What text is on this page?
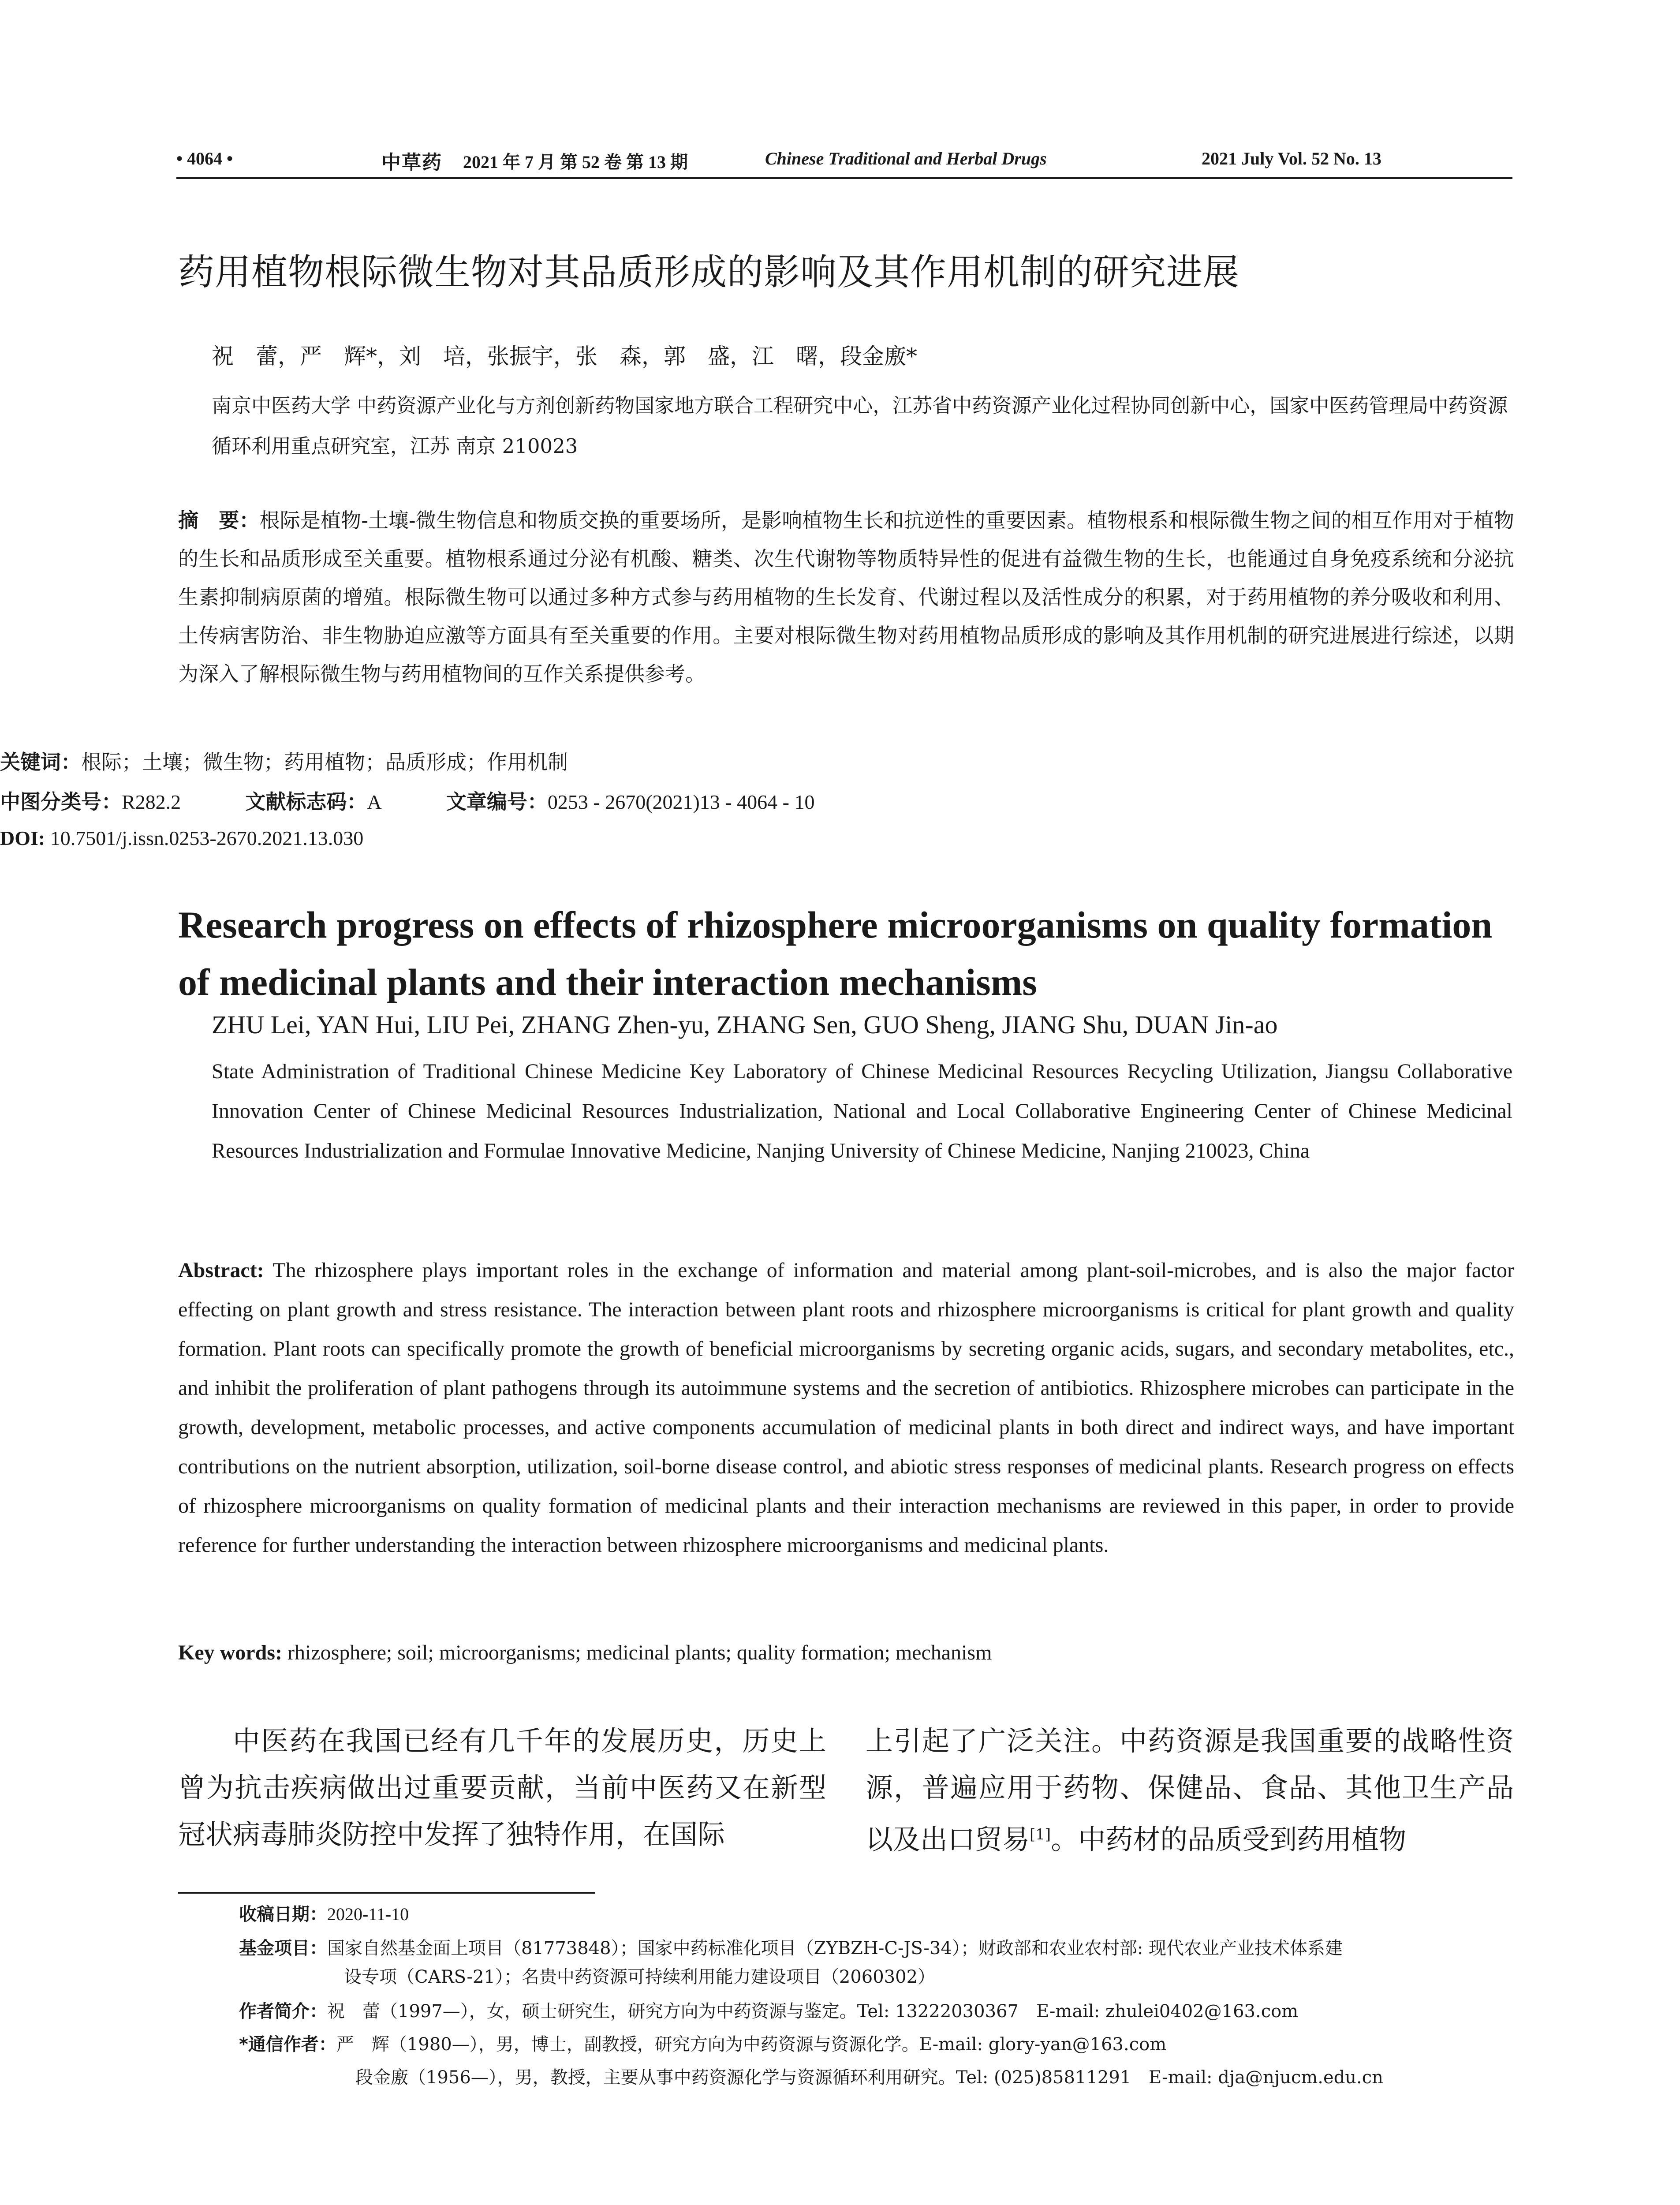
• 4064 •	中草药 2021 年 7 月 第 52 卷 第 13 期	Chinese Traditional and Herbal Drugs	2021 July Vol. 52 No. 13
药用植物根际微生物对其品质形成的影响及其作用机制的研究进展
祝　蕾，严　辉*，刘　培，张振宇，张　森，郭　盛，江　曙，段金廒*
南京中医药大学 中药资源产业化与方剂创新药物国家地方联合工程研究中心，江苏省中药资源产业化过程协同创新中心，国家中医药管理局中药资源循环利用重点研究室，江苏 南京 210023
摘　要：根际是植物-土壤-微生物信息和物质交换的重要场所，是影响植物生长和抗逆性的重要因素。植物根系和根际微生物之间的相互作用对于植物的生长和品质形成至关重要。植物根系通过分泌有机酸、糖类、次生代谢物等物质特异性的促进有益微生物的生长，也能通过自身免疫系统和分泌抗生素抑制病原菌的增殖。根际微生物可以通过多种方式参与药用植物的生长发育、代谢过程以及活性成分的积累，对于药用植物的养分吸收和利用、土传病害防治、非生物胁迫应激等方面具有至关重要的作用。主要对根际微生物对药用植物品质形成的影响及其作用机制的研究进展进行综述，以期为深入了解根际微生物与药用植物间的互作关系提供参考。
关键词：根际；土壤；微生物；药用植物；品质形成；作用机制
中图分类号：R282.2	文献标志码：A	文章编号：0253 - 2670(2021)13 - 4064 - 10
DOI: 10.7501/j.issn.0253-2670.2021.13.030
Research progress on effects of rhizosphere microorganisms on quality formation of medicinal plants and their interaction mechanisms
ZHU Lei, YAN Hui, LIU Pei, ZHANG Zhen-yu, ZHANG Sen, GUO Sheng, JIANG Shu, DUAN Jin-ao
State Administration of Traditional Chinese Medicine Key Laboratory of Chinese Medicinal Resources Recycling Utilization, Jiangsu Collaborative Innovation Center of Chinese Medicinal Resources Industrialization, National and Local Collaborative Engineering Center of Chinese Medicinal Resources Industrialization and Formulae Innovative Medicine, Nanjing University of Chinese Medicine, Nanjing 210023, China
Abstract: The rhizosphere plays important roles in the exchange of information and material among plant-soil-microbes, and is also the major factor effecting on plant growth and stress resistance. The interaction between plant roots and rhizosphere microorganisms is critical for plant growth and quality formation. Plant roots can specifically promote the growth of beneficial microorganisms by secreting organic acids, sugars, and secondary metabolites, etc., and inhibit the proliferation of plant pathogens through its autoimmune systems and the secretion of antibiotics. Rhizosphere microbes can participate in the growth, development, metabolic processes, and active components accumulation of medicinal plants in both direct and indirect ways, and have important contributions on the nutrient absorption, utilization, soil-borne disease control, and abiotic stress responses of medicinal plants. Research progress on effects of rhizosphere microorganisms on quality formation of medicinal plants and their interaction mechanisms are reviewed in this paper, in order to provide reference for further understanding the interaction between rhizosphere microorganisms and medicinal plants.
Key words: rhizosphere; soil; microorganisms; medicinal plants; quality formation; mechanism
中医药在我国已经有几千年的发展历史，历史上曾为抗击疾病做出过重要贡献，当前中医药又在新型冠状病毒肺炎防控中发挥了独特作用，在国际
上引起了广泛关注。中药资源是我国重要的战略性资源，普遍应用于药物、保健品、食品、其他卫生产品以及出口贸易[1]。中药材的品质受到药用植物
收稿日期：2020-11-10
基金项目：国家自然基金面上项目（81773848）；国家中药标准化项目（ZYBZH-C-JS-34）；财政部和农业农村部: 现代农业产业技术体系建
设专项（CARS-21）；名贵中药资源可持续利用能力建设项目（2060302）
作者简介：祝　蕾（1997—），女，硕士研究生，研究方向为中药资源与鉴定。Tel: 13222030367　E-mail: zhulei0402@163.com
*通信作者：严　辉（1980—），男，博士，副教授，研究方向为中药资源与资源化学。E-mail: glory-yan@163.com
段金廒（1956—），男，教授，主要从事中药资源化学与资源循环利用研究。Tel: (025)85811291　E-mail: dja@njucm.edu.cn
